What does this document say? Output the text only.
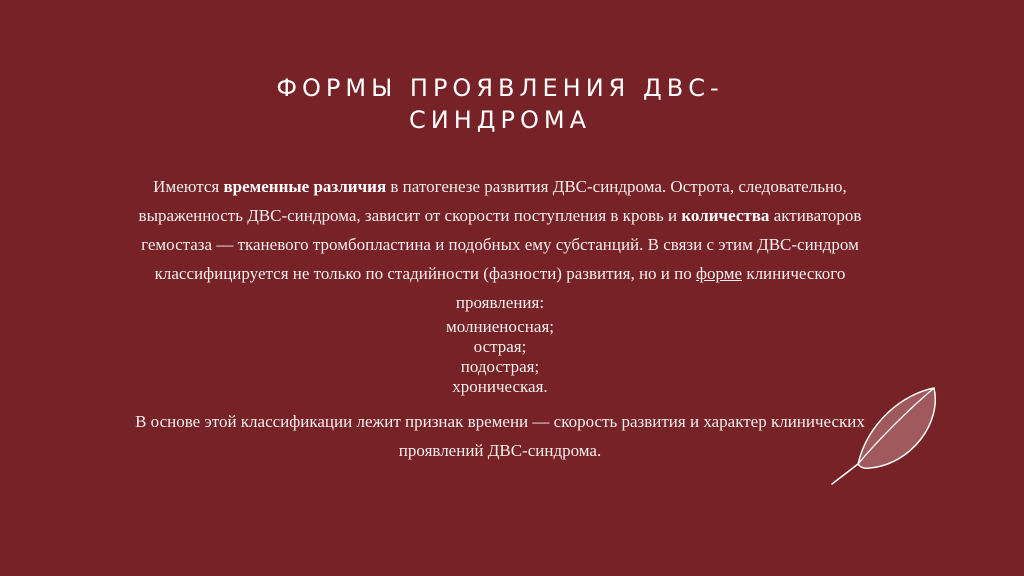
ФОРМЫ ПРОЯВЛЕНИЯ ДВС-СИНДРОМА

Имеются временные различия в патогенезе развития ДВС-синдрома. Острота, следовательно, выраженность ДВС-синдрома, зависит от скорости поступления в кровь и количества активаторов гемостаза — тканевого тромбопластина и подобных ему субстанций. В связи с этим ДВС-синдром классифицируется не только по стадийности (фазности) развития, но и по форме клинического проявления:

молниеносная;

острая;

подострая;

хроническая.

В основе этой классификации лежит признак времени — скорость развития и характер клинических проявлений ДВС-синдрома.
